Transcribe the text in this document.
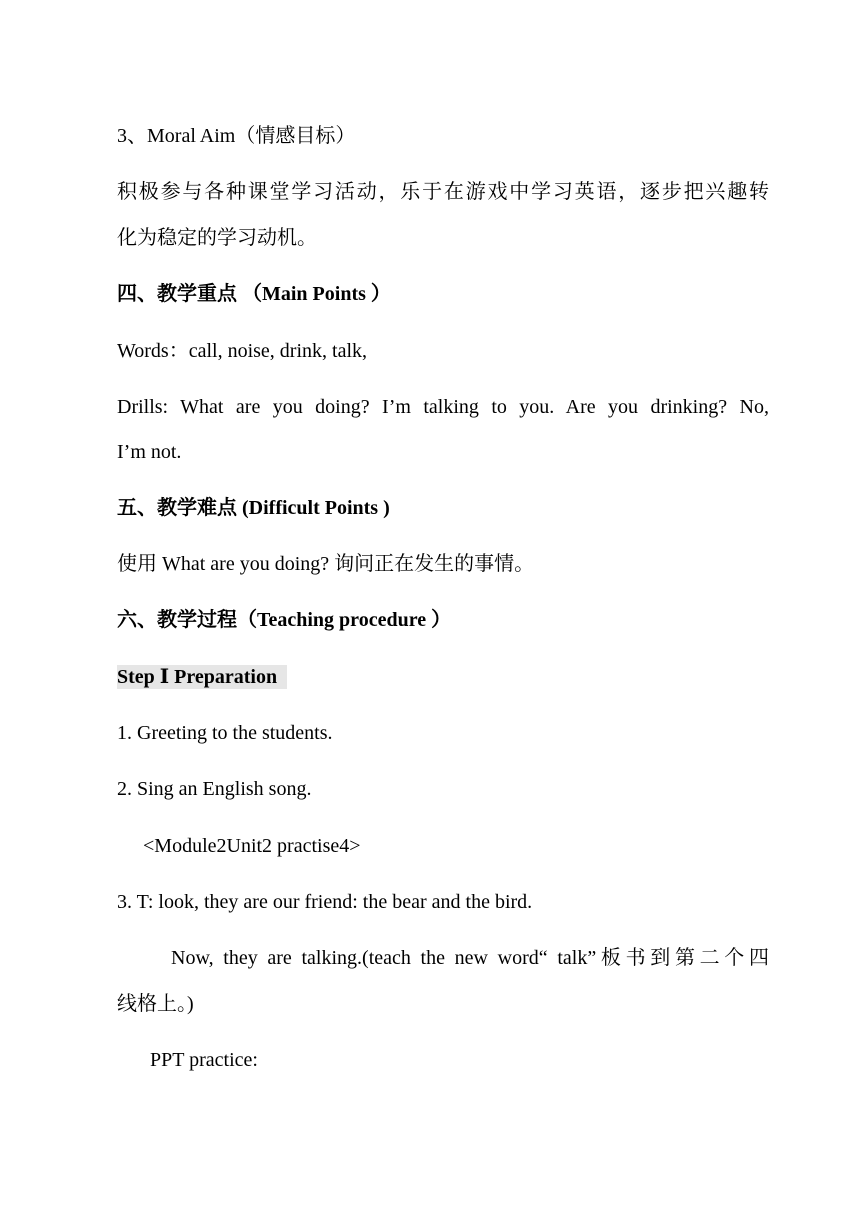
3、Moral Aim（情感目标）
积极参与各种课堂学习活动，乐于在游戏中学习英语，逐步把兴趣转
化为稳定的学习动机。
四、教学重点 （Main Points ）
Words：call, noise, drink, talk,
Drills: What are you doing? I’m talking to you. Are you drinking? No,
I’m not.
五、教学难点 (Difficult Points )
使用 What are you doing? 询问正在发生的事情。
六、教学过程（Teaching procedure ）
Step Ⅰ Preparation
1. Greeting to the students.
2. Sing an English song.
<Module2Unit2 practise4>
3. T: look, they are our friend: the bear and the bird.
Now, they are talking.(teach the new word“ talk”板书到第二个四
线格上。)
PPT practice:
